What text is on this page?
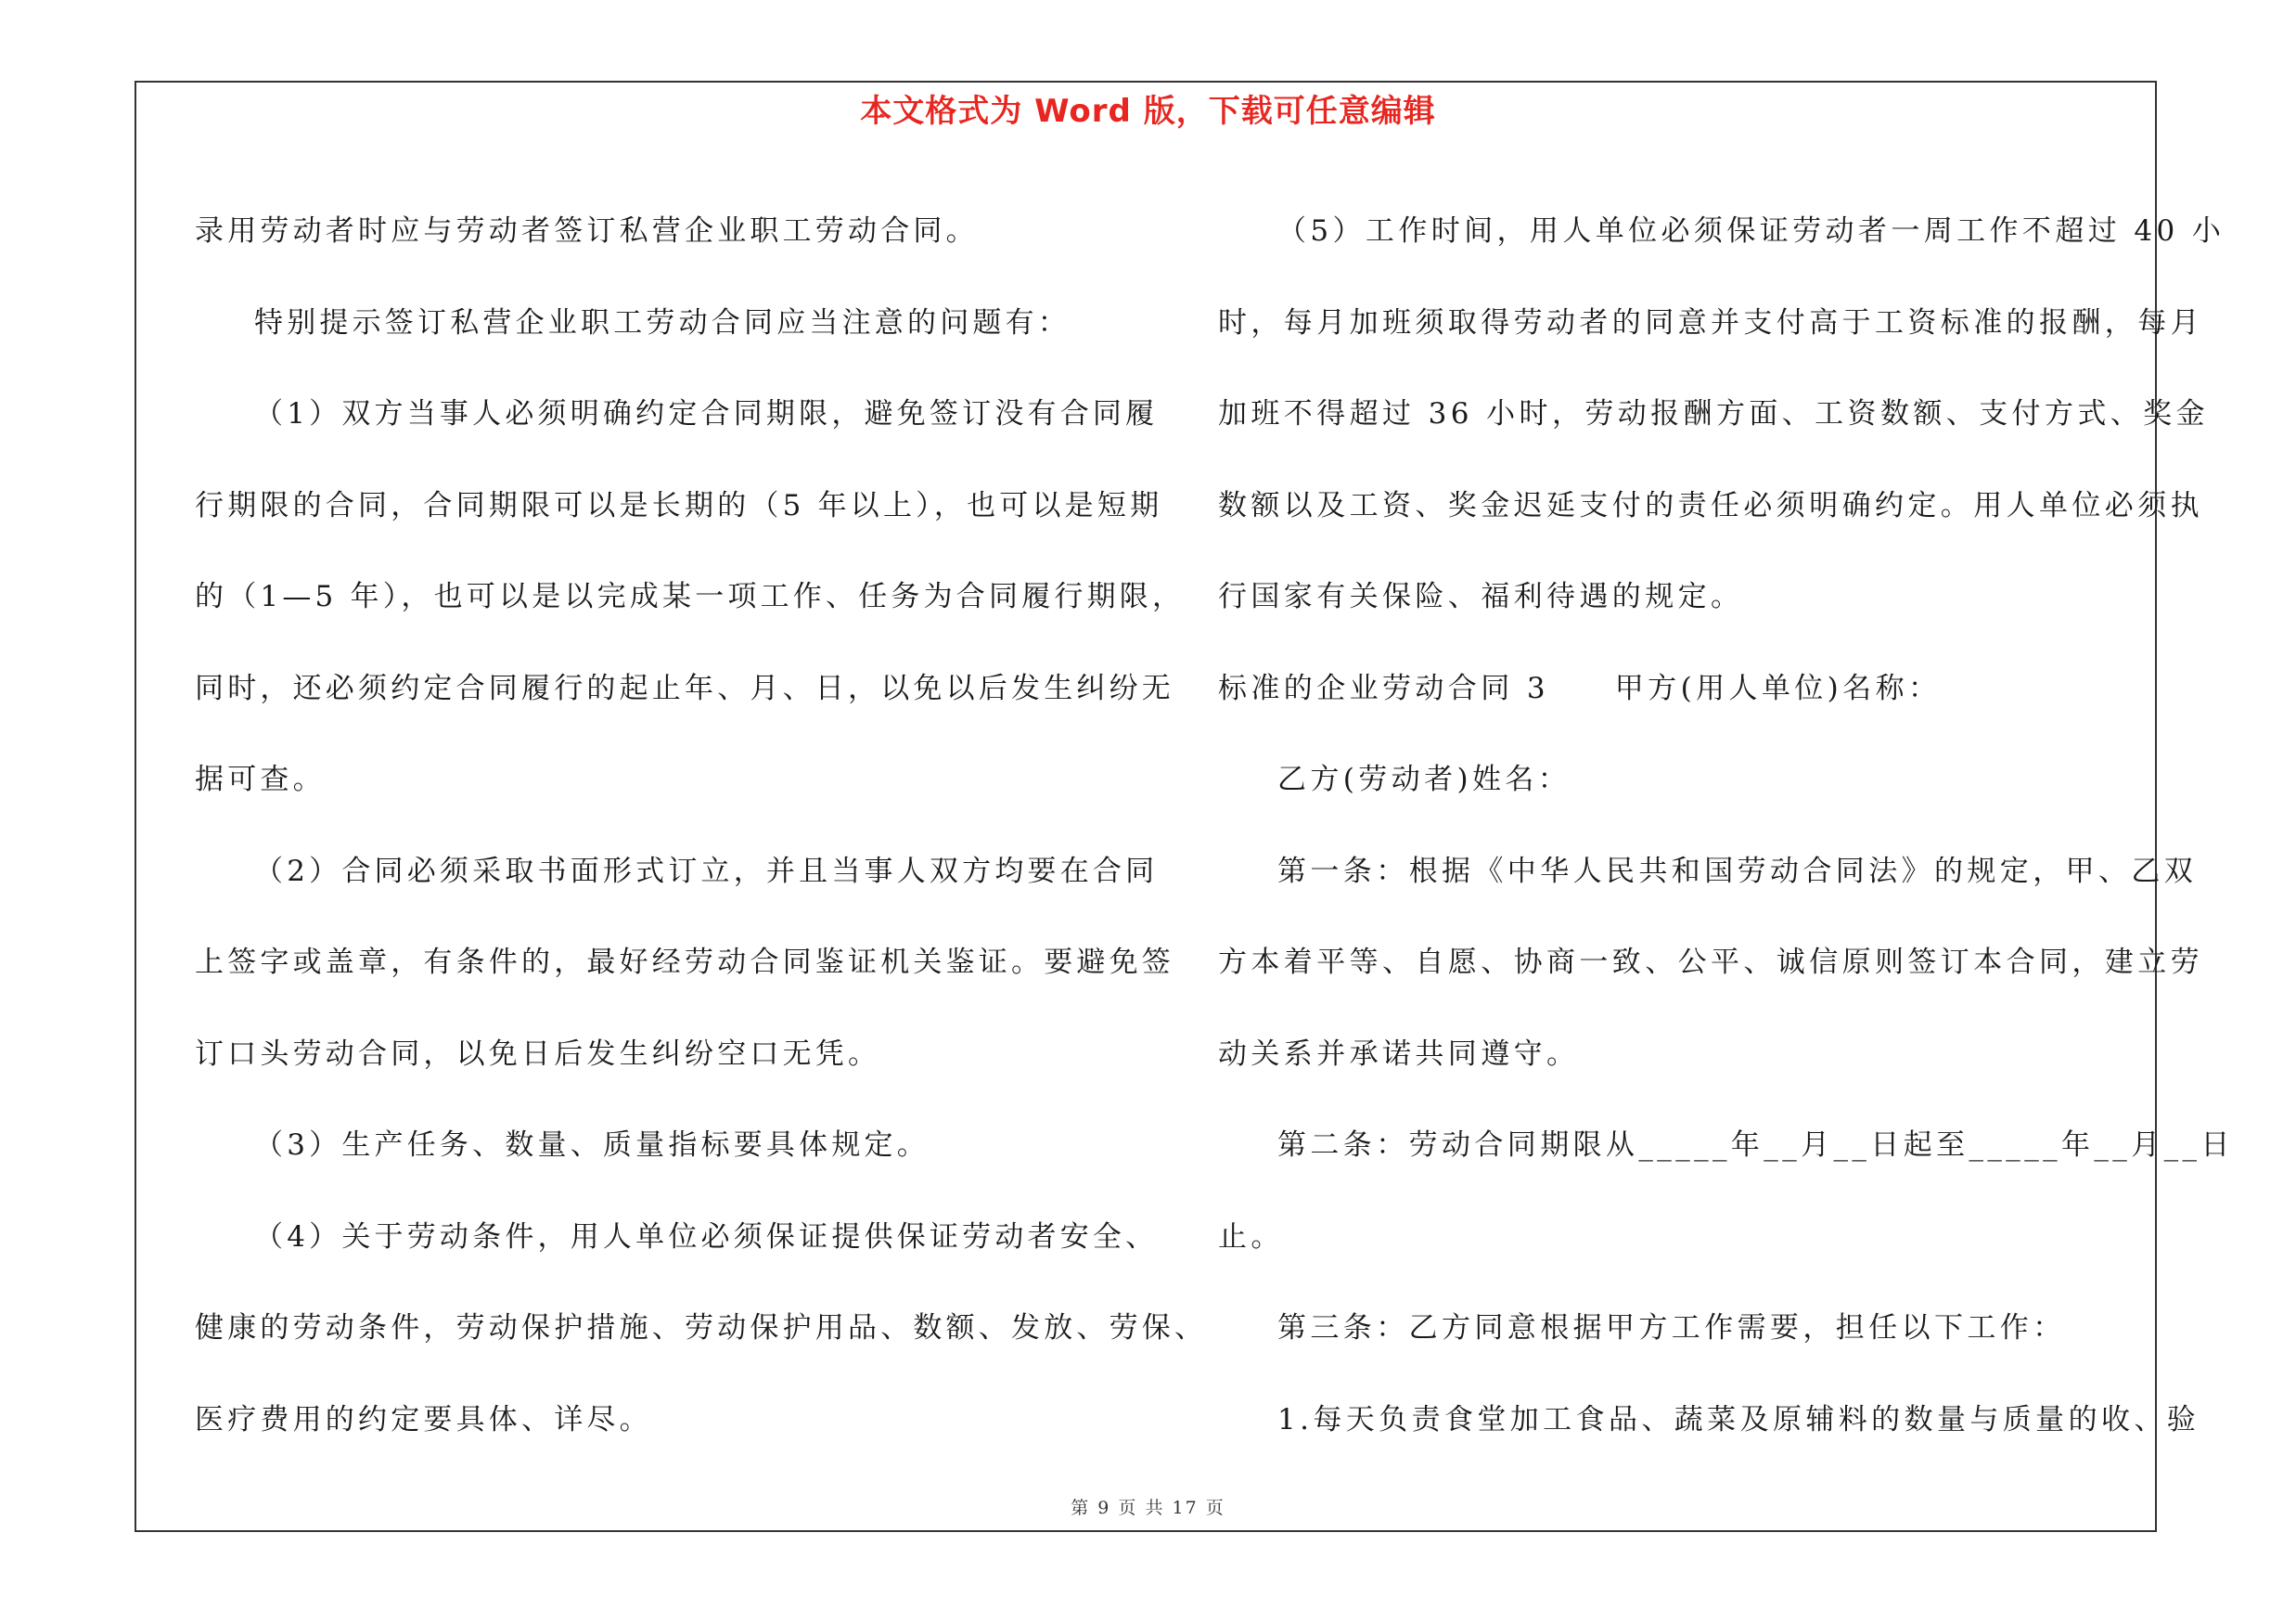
本文格式为 Word 版，下载可任意编辑
录用劳动者时应与劳动者签订私营企业职工劳动合同。
特别提示签订私营企业职工劳动合同应当注意的问题有：
（1）双方当事人必须明确约定合同期限，避免签订没有合同履
行期限的合同，合同期限可以是长期的（5 年以上），也可以是短期
的（1—5 年），也可以是以完成某一项工作、任务为合同履行期限，
同时，还必须约定合同履行的起止年、月、日，以免以后发生纠纷无
据可查。
（2）合同必须采取书面形式订立，并且当事人双方均要在合同
上签字或盖章，有条件的，最好经劳动合同鉴证机关鉴证。要避免签
订口头劳动合同，以免日后发生纠纷空口无凭。
（3）生产任务、数量、质量指标要具体规定。
（4）关于劳动条件，用人单位必须保证提供保证劳动者安全、
健康的劳动条件，劳动保护措施、劳动保护用品、数额、发放、劳保、
医疗费用的约定要具体、详尽。
（5）工作时间，用人单位必须保证劳动者一周工作不超过 40 小
时，每月加班须取得劳动者的同意并支付高于工资标准的报酬，每月
加班不得超过 36 小时，劳动报酬方面、工资数额、支付方式、奖金
数额以及工资、奖金迟延支付的责任必须明确约定。用人单位必须执
行国家有关保险、福利待遇的规定。
标准的企业劳动合同 3　　甲方(用人单位)名称：
乙方(劳动者)姓名：
第一条：根据《中华人民共和国劳动合同法》的规定，甲、乙双
方本着平等、自愿、协商一致、公平、诚信原则签订本合同，建立劳
动关系并承诺共同遵守。
第二条：劳动合同期限从_____年__月__日起至_____年__月__日
止。
第三条：乙方同意根据甲方工作需要，担任以下工作：
1.每天负责食堂加工食品、蔬菜及原辅料的数量与质量的收、验
第 9 页 共 17 页
